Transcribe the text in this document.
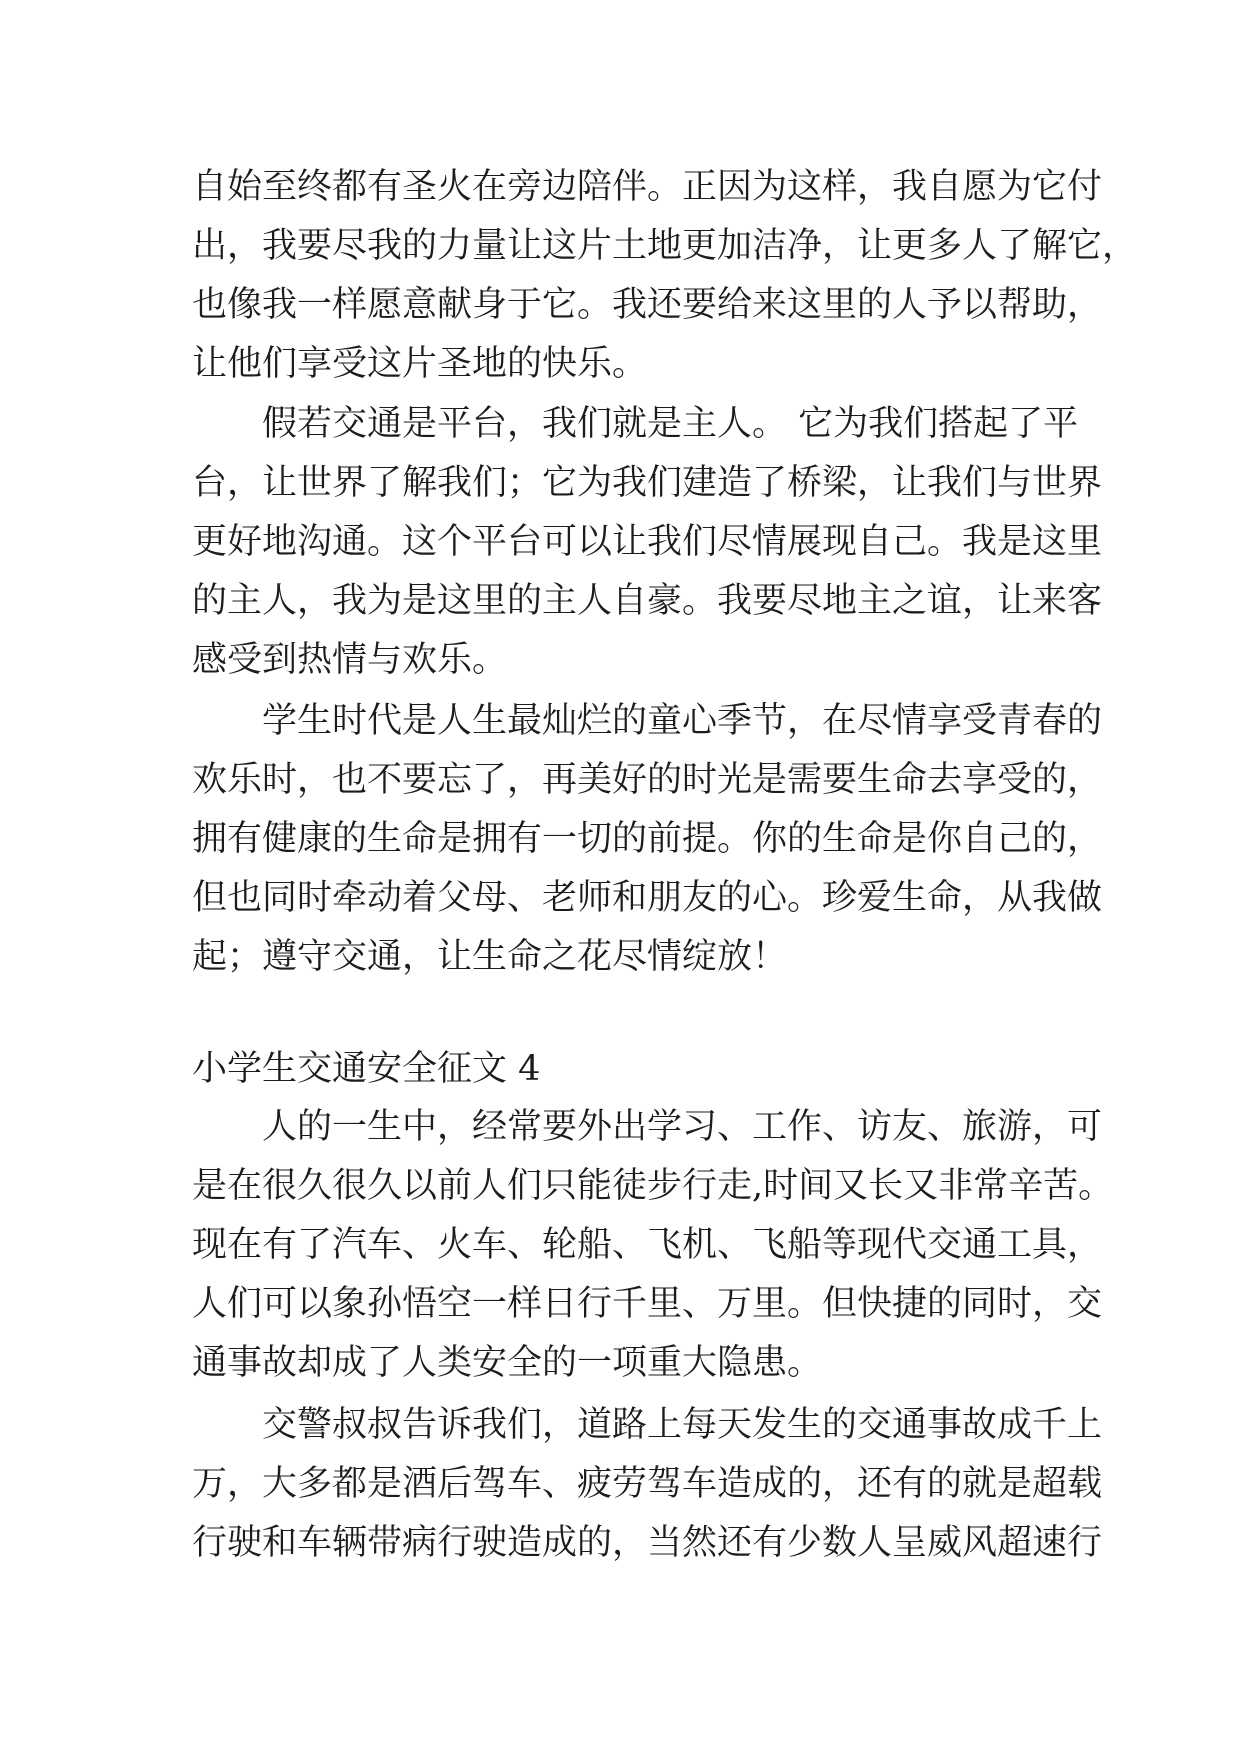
自始至终都有圣火在旁边陪伴。正因为这样，我自愿为它付
出，我要尽我的力量让这片土地更加洁净，让更多人了解它，
也像我一样愿意献身于它。我还要给来这里的人予以帮助，
让他们享受这片圣地的快乐。
　　假若交通是平台，我们就是主人。 它为我们搭起了平
台，让世界了解我们；它为我们建造了桥梁，让我们与世界
更好地沟通。这个平台可以让我们尽情展现自己。我是这里
的主人，我为是这里的主人自豪。我要尽地主之谊，让来客
感受到热情与欢乐。
　　学生时代是人生最灿烂的童心季节，在尽情享受青春的
欢乐时，也不要忘了，再美好的时光是需要生命去享受的，
拥有健康的生命是拥有一切的前提。你的生命是你自己的，
但也同时牵动着父母、老师和朋友的心。珍爱生命，从我做
起；遵守交通，让生命之花尽情绽放！
小学生交通安全征文 4
　　人的一生中，经常要外出学习、工作、访友、旅游，可
是在很久很久以前人们只能徒步行走,时间又长又非常辛苦。
现在有了汽车、火车、轮船、飞机、飞船等现代交通工具，
人们可以象孙悟空一样日行千里、万里。但快捷的同时，交
通事故却成了人类安全的一项重大隐患。
　　交警叔叔告诉我们，道路上每天发生的交通事故成千上
万，大多都是酒后驾车、疲劳驾车造成的，还有的就是超载
行驶和车辆带病行驶造成的，当然还有少数人呈威风超速行
